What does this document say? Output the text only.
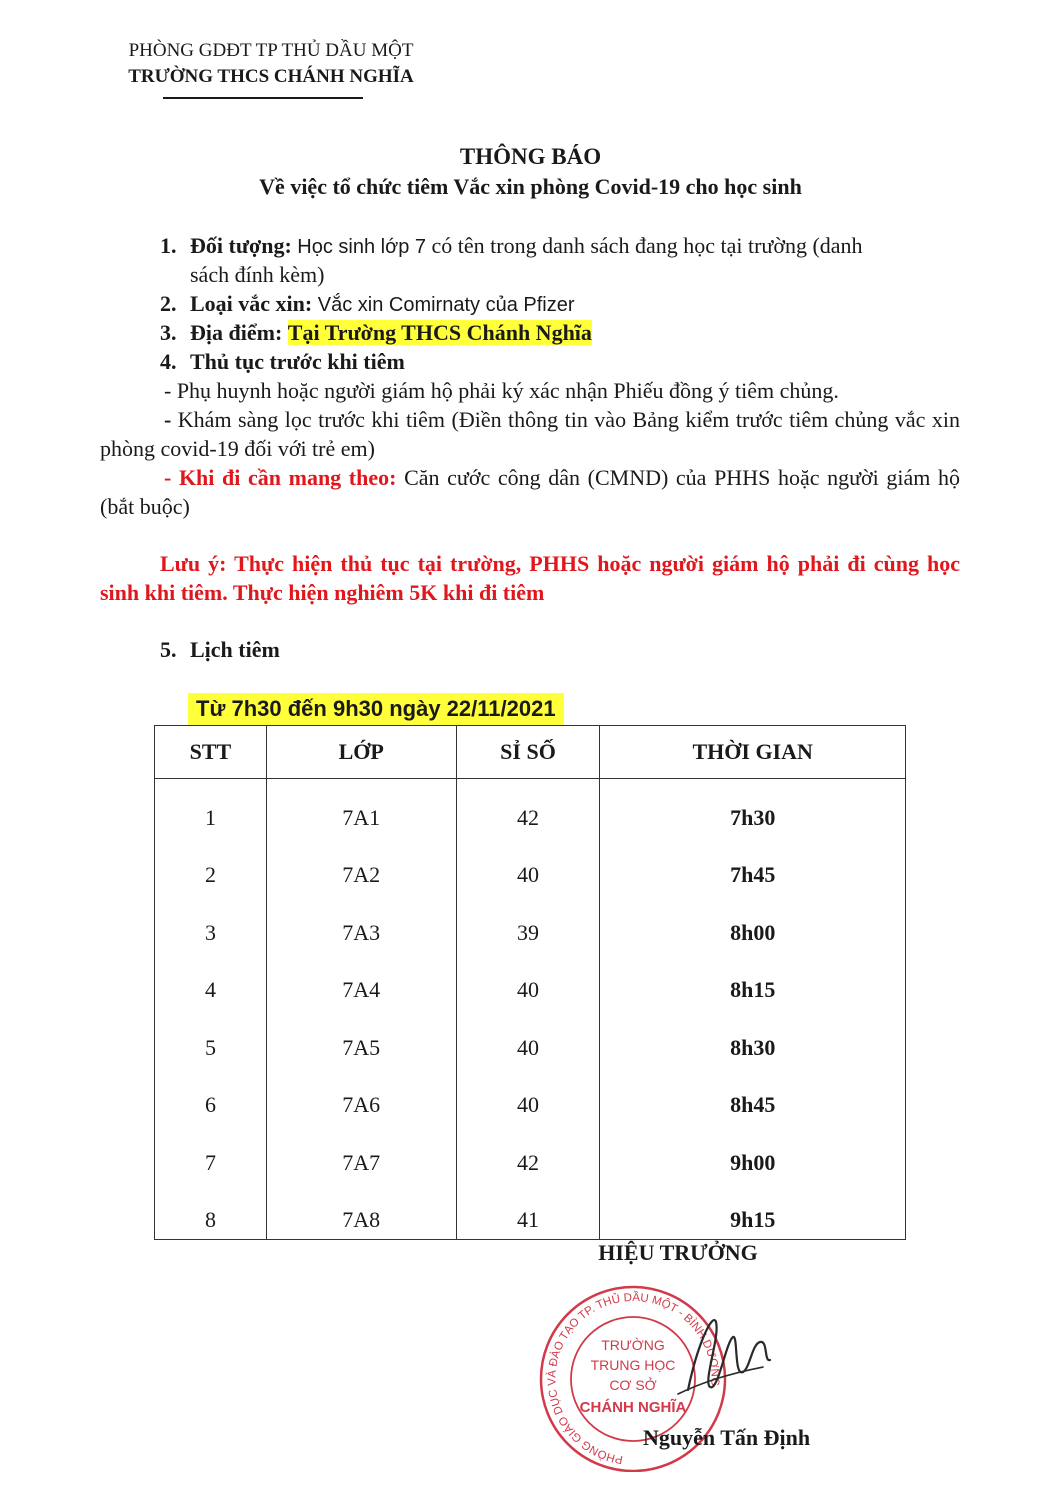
PHÒNG GDĐT TP THỦ DẦU MỘT
TRƯỜNG THCS CHÁNH NGHĨA
THÔNG BÁO
Về việc tổ chức tiêm Vắc xin phòng Covid-19 cho học sinh
1. Đối tượng: Học sinh lớp 7 có tên trong danh sách đang học tại trường (danh
sách đính kèm)
2. Loại vắc xin: Vắc xin Comirnaty của Pfizer
3. Địa điểm: Tại Trường THCS Chánh Nghĩa
4. Thủ tục trước khi tiêm
- Phụ huynh hoặc người giám hộ phải ký xác nhận Phiếu đồng ý tiêm chủng.
- Khám sàng lọc trước khi tiêm (Điền thông tin vào Bảng kiểm trước tiêm chủng vắc xin phòng covid-19 đối với trẻ em)
- Khi đi cần mang theo: Căn cước công dân (CMND) của PHHS hoặc người giám hộ (bắt buộc)
Lưu ý: Thực hiện thủ tục tại trường, PHHS hoặc người giám hộ phải đi cùng học sinh khi tiêm. Thực hiện nghiêm 5K khi đi tiêm
5. Lịch tiêm
Từ 7h30 đến 9h30 ngày 22/11/2021
STT	LỚP	SỈ SỐ	THỜI GIAN
1	7A1	42	7h30
2	7A2	40	7h45
3	7A3	39	8h00
4	7A4	40	8h15
5	7A5	40	8h30
6	7A6	40	8h45
7	7A7	42	9h00
8	7A8	41	9h15
HIỆU TRƯỞNG
PHÒNG GIÁO DỤC VÀ ĐÀO TẠO TP. THỦ DẦU MỘT - BÌNH DƯƠNG
TRƯỜNG
TRUNG HỌC
CƠ SỞ
CHÁNH NGHĨA
Nguyễn Tấn Định
